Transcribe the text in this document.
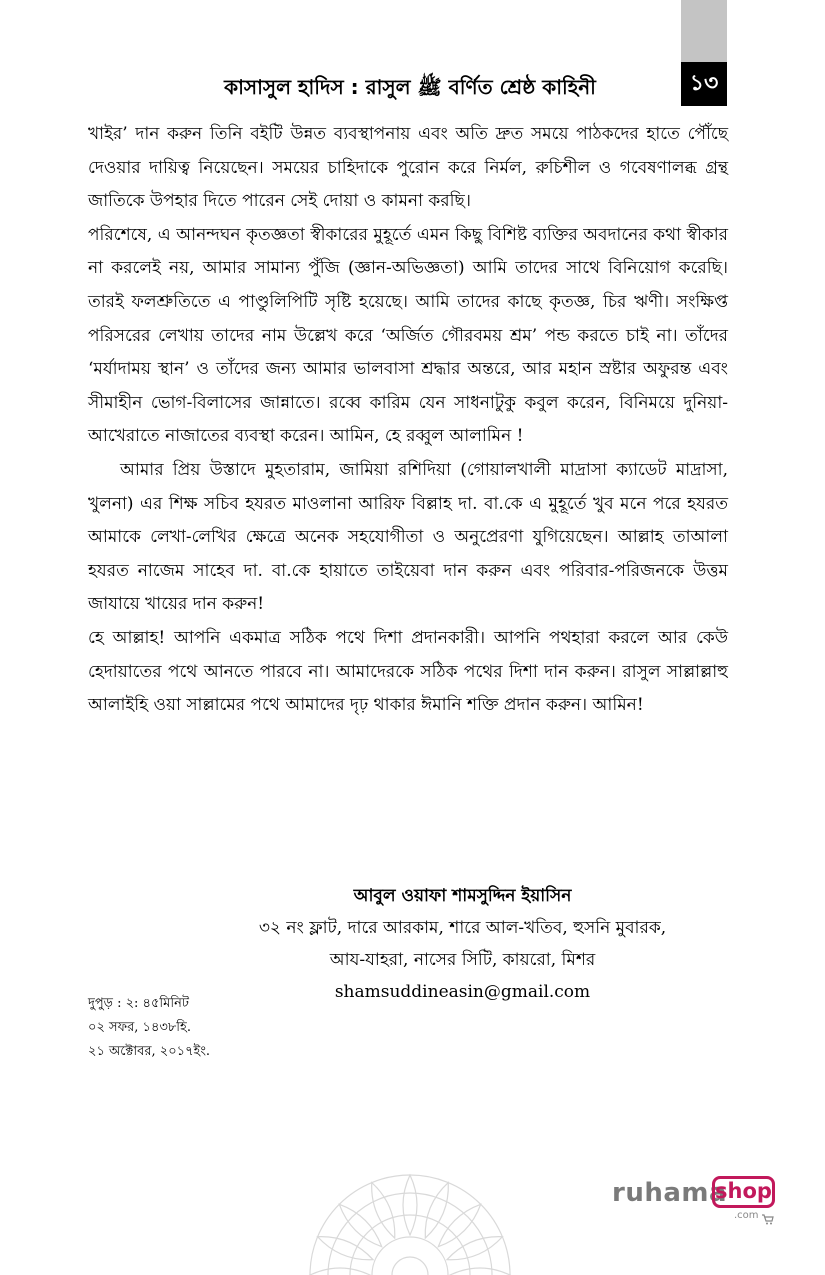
১৩
কাসাসুল হাদিস : রাসুল ﷺ বর্ণিত শ্রেষ্ঠ কাহিনী

খাইর’ দান করুন তিনি বইটি উন্নত ব্যবস্থাপনায় এবং অতি দ্রুত সময়ে পাঠকদের হাতে পৌঁছে দেওয়ার দায়িত্ব নিয়েছেন। সময়ের চাহিদাকে পুরোন করে নির্মল, রুচিশীল ও গবেষণালব্ধ গ্রন্থ জাতিকে উপহার দিতে পারেন সেই দোয়া ও কামনা করছি।

পরিশেষে, এ আনন্দঘন কৃতজ্ঞতা স্বীকারের মুহূর্তে এমন কিছু বিশিষ্ট ব্যক্তির অবদানের কথা স্বীকার না করলেই নয়, আমার সামান্য পুঁজি (জ্ঞান-অভিজ্ঞতা) আমি তাদের সাথে বিনিয়োগ করেছি। তারই ফলশ্রুতিতে এ পাণ্ডুলিপিটি সৃষ্টি হয়েছে। আমি তাদের কাছে কৃতজ্ঞ, চির ঋণী। সংক্ষিপ্ত পরিসরের লেখায় তাদের নাম উল্লেখ করে ‘অর্জিত গৌরবময় শ্রম’ পন্ড করতে চাই না। তাঁদের ‘মর্যাদাময় স্থান’ ও তাঁদের জন্য আমার ভালবাসা শ্রদ্ধার অন্তরে, আর মহান স্রষ্টার অফুরন্ত এবং সীমাহীন ভোগ-বিলাসের জান্নাতে। রব্বে কারিম যেন সাধনাটুকু কবুল করেন, বিনিময়ে দুনিয়া-আখেরাতে নাজাতের ব্যবস্থা করেন। আমিন, হে রব্বুল আলামিন !

আমার প্রিয় উস্তাদে মুহতারাম, জামিয়া রশিদিয়া (গোয়ালখালী মাদ্রাসা ক্যাডেট মাদ্রাসা, খুলনা) এর শিক্ষ সচিব হযরত মাওলানা আরিফ বিল্লাহ দা. বা.কে এ মুহূর্তে খুব মনে পরে হযরত আমাকে লেখা-লেখির ক্ষেত্রে অনেক সহযোগীতা ও অনুপ্রেরণা যুগিয়েছেন। আল্লাহ তাআলা হযরত নাজেম সাহেব দা. বা.কে হায়াতে তাইয়েবা দান করুন এবং পরিবার-পরিজনকে উত্তম জাযায়ে খায়ের দান করুন!

হে আল্লাহ! আপনি একমাত্র সঠিক পথে দিশা প্রদানকারী। আপনি পথহারা করলে আর কেউ হেদায়াতের পথে আনতে পারবে না। আমাদেরকে সঠিক পথের দিশা দান করুন। রাসুল সাল্লাল্লাহু আলাইহি ওয়া সাল্লামের পথে আমাদের দৃঢ় থাকার ঈমানি শক্তি প্রদান করুন। আমিন!

আবুল ওয়াফা শামসুদ্দিন ইয়াসিন
৩২ নং ফ্লাট, দারে আরকাম, শারে আল-খতিব, হুসনি মুবারক,
আয-যাহরা, নাসের সিটি, কায়রো, মিশর
shamsuddineasin@gmail.com
দুপুড় : ২: ৪৫মিনিট
০২ সফর, ১৪৩৮হি.
২১ অক্টোবর, ২০১৭ইং.
ruhama
shop
.com
